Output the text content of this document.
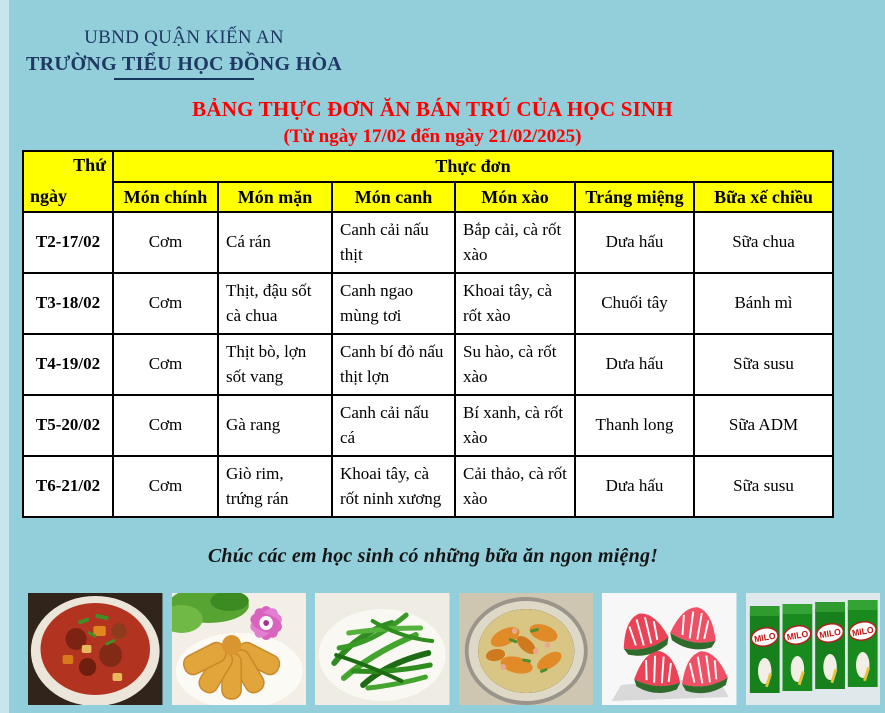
UBND QUẬN KIẾN AN
TRƯỜNG TIỂU HỌC ĐỒNG HÒA
BẢNG THỰC ĐƠN ĂN BÁN TRÚ CỦA HỌC SINH
(Từ ngày 17/02 đến ngày 21/02/2025)
Thứ
ngày	Thực đơn					
	Món chính	Món mặn	Món canh	Món xào	Tráng miệng	Bữa xế chiều
T2-17/02	Cơm	Cá rán	Canh cải nấu thịt	Bắp cải, cà rốt xào	Dưa hấu	Sữa chua
T3-18/02	Cơm	Thịt, đậu sốt cà chua	Canh ngao mùng tơi	Khoai tây, cà rốt xào	Chuối tây	Bánh mì
T4-19/02	Cơm	Thịt bò, lợn sốt vang	Canh bí đỏ nấu thịt lợn	Su hào, cà rốt xào	Dưa hấu	Sữa susu
T5-20/02	Cơm	Gà rang	Canh cải nấu cá	Bí xanh, cà rốt xào	Thanh long	Sữa ADM
T6-21/02	Cơm	Giò rim, trứng rán	Khoai tây, cà rốt ninh xương	Cải thảo, cà rốt xào	Dưa hấu	Sữa susu
Chúc các em học sinh có những bữa ăn ngon miệng!
MILO MILO MILO MILO
